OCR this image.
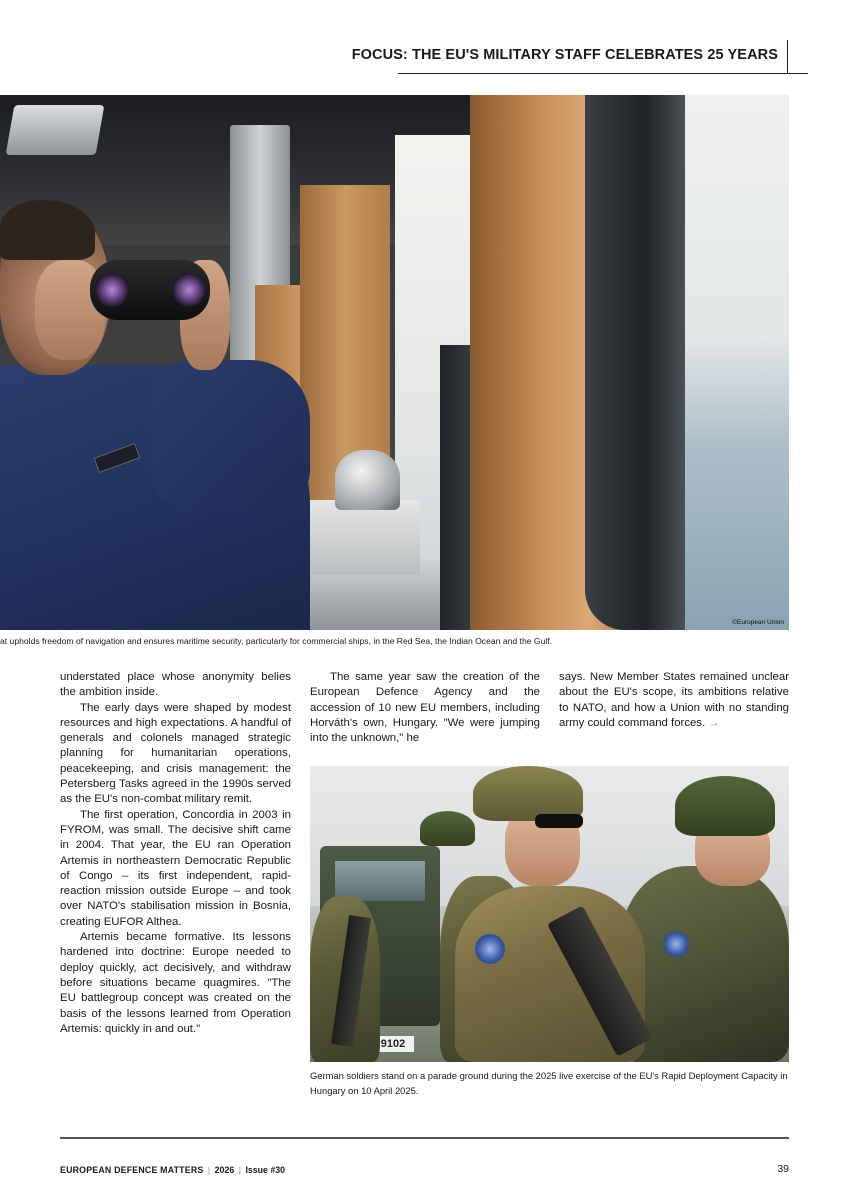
FOCUS: THE EU'S MILITARY STAFF CELEBRATES 25 YEARS
©European Union
at upholds freedom of navigation and ensures maritime security, particularly for commercial ships, in the Red Sea, the Indian Ocean and the Gulf.

understated place whose anonymity belies the ambition inside.

The early days were shaped by modest resources and high expectations. A handful of generals and colonels managed strategic planning for humanitarian operations, peacekeeping, and crisis management: the Petersberg Tasks agreed in the 1990s served as the EU's non-combat military remit.

The first operation, Concordia in 2003 in FYROM, was small. The decisive shift came in 2004. That year, the EU ran Operation Artemis in northeastern Democratic Republic of Congo – its first independent, rapid-reaction mission outside Europe – and took over NATO's stabilisation mission in Bosnia, creating EUFOR Althea.

Artemis became formative. Its lessons hardened into doctrine: Europe needed to deploy quickly, act decisively, and withdraw before situations became quagmires. "The EU battlegroup concept was created on the basis of the lessons learned from Operation Artemis: quickly in and out."

The same year saw the creation of the European Defence Agency and the accession of 10 new EU members, including Horváth's own, Hungary. "We were jumping into the unknown," he

says. New Member States remained unclear about the EU's scope, its ambitions relative to NATO, and how a Union with no standing army could command forces. →

9102
German soldiers stand on a parade ground during the 2025 live exercise of the EU's Rapid Deployment Capacity in Hungary on 10 April 2025.
EUROPEAN DEFENCE MATTERS | 2026 | Issue #30	39
